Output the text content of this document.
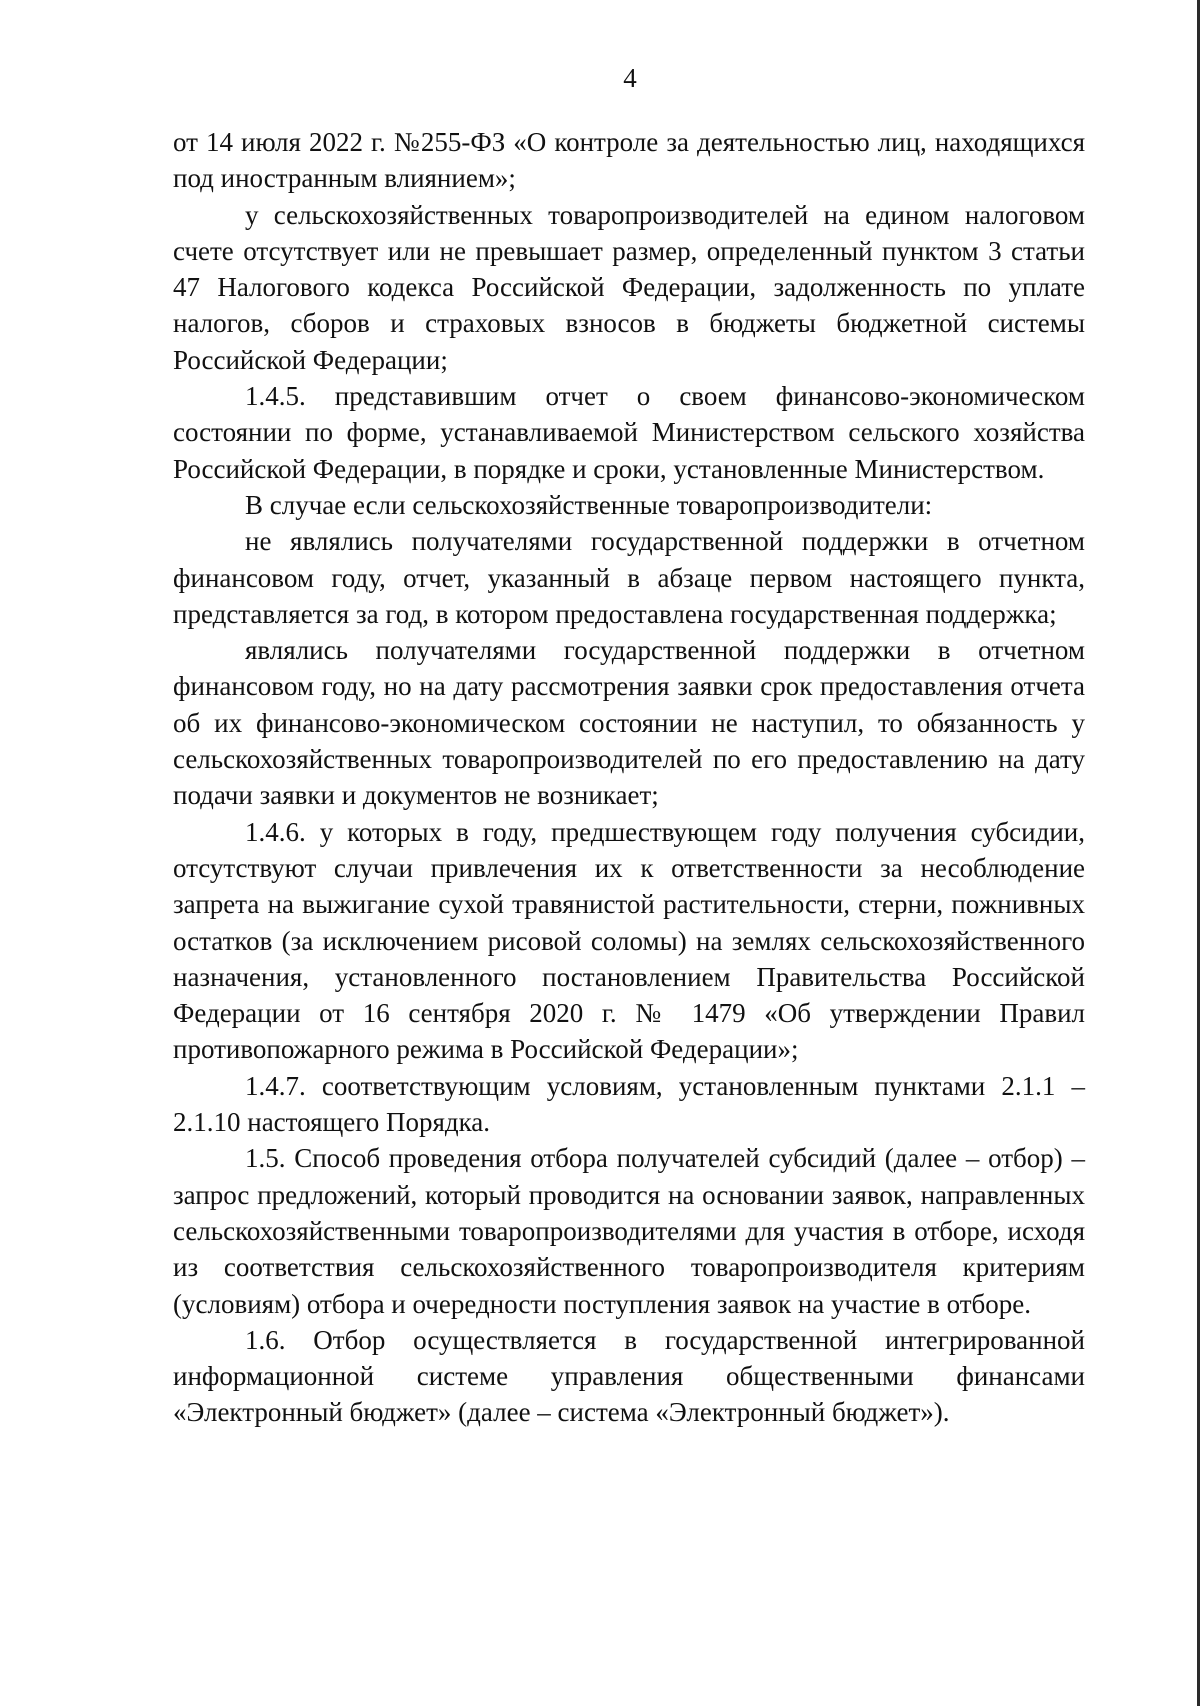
4

от 14 июля 2022 г. №255-ФЗ «О контроле за деятельностью лиц, находящихся под иностранным влиянием»;

у сельскохозяйственных товаропроизводителей на едином налоговом счете отсутствует или не превышает размер, определенный пунктом 3 статьи 47 Налогового кодекса Российской Федерации, задолженность по уплате налогов, сборов и страховых взносов в бюджеты бюджетной системы Российской Федерации;

1.4.5. представившим отчет о своем финансово-экономическом состоянии по форме, устанавливаемой Министерством сельского хозяйства Российской Федерации, в порядке и сроки, установленные Министерством.

В случае если сельскохозяйственные товаропроизводители:

не являлись получателями государственной поддержки в отчетном финансовом году, отчет, указанный в абзаце первом настоящего пункта, представляется за год, в котором предоставлена государственная поддержка;

являлись получателями государственной поддержки в отчетном финансовом году, но на дату рассмотрения заявки срок предоставления отчета об их финансово-экономическом состоянии не наступил, то обязанность у сельскохозяйственных товаропроизводителей по его предоставлению на дату подачи заявки и документов не возникает;

1.4.6. у которых в году, предшествующем году получения субсидии, отсутствуют случаи привлечения их к ответственности за несоблюдение запрета на выжигание сухой травянистой растительности, стерни, пожнивных остатков (за исключением рисовой соломы) на землях сельскохозяйственного назначения, установленного постановлением Правительства Российской Федерации от 16 сентября 2020 г. № 1479 «Об утверждении Правил противопожарного режима в Российской Федерации»;

1.4.7. соответствующим условиям, установленным пунктами 2.1.1 – 2.1.10 настоящего Порядка.

1.5. Способ проведения отбора получателей субсидий (далее – отбор) – запрос предложений, который проводится на основании заявок, направленных сельскохозяйственными товаропроизводителями для участия в отборе, исходя из соответствия сельскохозяйственного товаропроизводителя критериям (условиям) отбора и очередности поступления заявок на участие в отборе.

1.6. Отбор осуществляется в государственной интегрированной информационной системе управления общественными финансами «Электронный бюджет» (далее – система «Электронный бюджет»).
